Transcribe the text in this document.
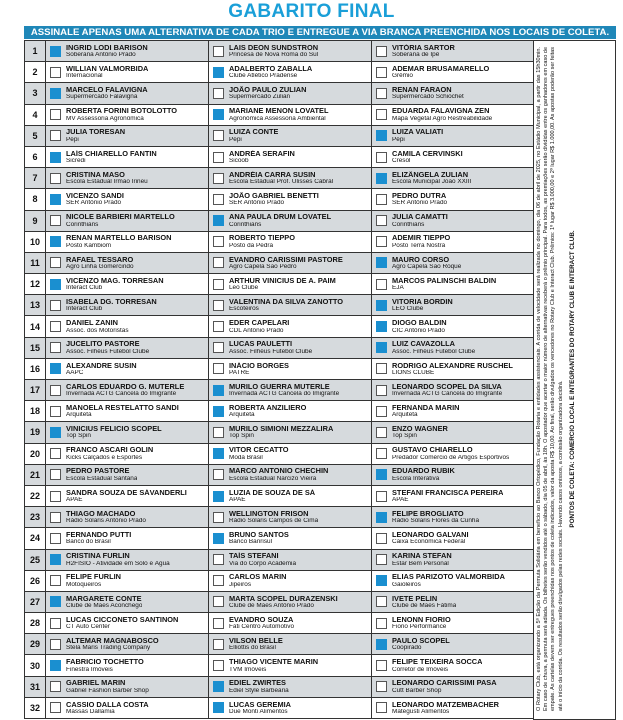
GABARITO FINAL
ASSINALE APENAS UMA ALTERNATIVA DE CADA TRIO E ENTREGUE A VIA BRANCA PREENCHIDA NOS LOCAIS DE COLETA.
1	INGRID LODI BARISON
Soberana Antônio Prado
LAIS DEON SUNDSTRON
Princesa de Nova Roma do Sul
VITÓRIA SARTOR
Soberana de Ipê
2	WILLIAN VALMORBIDA
Internacional
ADALBERTO ZABALLA
Clube Atlético Pradense
ADEMAR BRUSAMARELLO
Grêmio
3	MARCELO FALAVIGNA
Supermercado Falavigna
JOÃO PAULO ZULIAN
Supermercado Zulian
RENAN FARAON
Supermercado Schiochet
4	ROBERTA FORINI BOTOLOTTO
MV Assessoria Agronômica
MARIANE MENON LOVATEL
Agronômica Assessoria Ambiental
EDUARDA FALAVIGNA ZEN
Mapa Vegetal Agro Restreabilidade
5	JULIA TORESAN
Pépi
LUIZA CONTE
Pépi
LUIZA VALIATI
Pépi
6	LAÍS CHIARELLO FANTIN
Sicredi
ANDRÉA SERAFIN
Sicoob
CAMILA CERVINSKI
Cresol
7	CRISTINA MASO
Escola Estadual Irmão Irineu
ANDRÉIA CARRA SUSIN
Escola Estadual Prof. Ulisses Cabral
ELIZÂNGELA ZULIAN
Escola Municipal João XXIII
8	VICENZO SANDI
SER Antônio Prado
JOÃO GABRIEL BENETTI
SER Antônio Prado
PEDRO DUTRA
SER Antônio Prado
9	NICOLE BARBIERI MARTELLO
Corinthians
ANA PAULA DRUM LOVATEL
Corinthians
JULIA CAMATTI
Corinthians
10	RENAN MARTELLO BARISON
Posto Kambiom
ROBERTO TIEPPO
Posto da Pedra
ADEMIR TIEPPO
Posto Terra Nostra
11	RAFAEL TESSARO
Agro Linha Gomercindo
EVANDRO CARISSIMI PASTORE
Agro Capela São Pedro
MAURO CORSO
Agro Capela São Roque
12	VICENZO MAG. TORRESAN
Interact Club
ARTHUR VINICIUS DE A. PAIM
Leo Clube
MARCOS PALINSCHI BALDIN
EJA
13	ISABELA DG. TORRESAN
Interact Club
VALENTINA DA SILVA ZANOTTO
Escoteiros
VITORIA BORDIN
LEO Clube
14	DANIEL ZANIN
Assoc. dos Motoristas
EDER CAPELARI
CDL Antônio Prado
DIOGO BALDIN
CIC Antônio Prado
15	JUCELITO PASTORE
Assoc. Filhéus Futebol Clube
LUCAS PAULETTI
Assoc. Filhéus Futebol Clube
LUIZ CAVAZOLLA
Assoc. Filhéus Futebol Clube
16	ALEXANDRE SUSIN
AAPC
INÁCIO BORGES
PATRE
RODRIGO ALEXANDRE RUSCHEL
LIONS CLUBE
17	CARLOS EDUARDO G. MUTERLE
Invernada ACTG Cancela do Imigrante
MURILO GUERRA MUTERLE
Invernada ACTG Cancela do Imigrante
LEONARDO SCOPEL DA SILVA
Invernada ACTG Cancela do Imigrante
18	MANOELA RESTELATTO SANDI
Arquiteta
ROBERTA ANZILIERO
Arquiteta
FERNANDA MARIN
Arquiteta
19	VINICIUS FELICIO SCOPEL
Top Spin
MURILO SIMIONI MEZZALIRA
Top Spin
ENZO WAGNER
Top Spin
20	FRANCO ASCARI GOLIN
Kicks Calçados e Esportes
VITOR CECATTO
Moda Brasil
GUSTAVO CHIARELLO
Predador Comércio de Artigos Esportivos
21	PEDRO PASTORE
Escola Estadual Santana
MARCO ANTONIO CHECHIN
Escola Estadual Narcizo Vieira
EDUARDO RUBIK
Escola Interativa
22	SANDRA SOUZA DE SÁVANDERLI
APAE
LUZIA DE SOUZA DE SÁ
APAE
STEFANI FRANCISCA PEREIRA
APAE
23	THIAGO MACHADO
Rádio Solaris Antônio Prado
WELLINGTON FRISON
Rádio Solaris Campos de Cima
FELIPE BROGLIATO
Rádio Solaris Flores da Cunha
24	FERNANDO PUTTI
Banco do Brasil
BRUNO SANTOS
Banco Banrisul
LEONARDO GALVANI
Caixa Econômica Federal
25	CRISTINA FURLIN
H2FISIO - Atividade em Solo e Água
TAÍS STEFANI
Via do Corpo Academia
KARINA STEFAN
Estar Bem Personal
26	FELIPE FURLIN
Motoqueiros
CARLOS MARIN
Jipeiros
ELIAS PARIZOTO VALMORBIDA
Gaioleiros
27	MARGARETE CONTE
Clube de Mães Aconchego
MARTA SCOPEL DURAZENSKI
Clube de Mães Antônio Prado
IVETE PELIN
Clube de Mães Fátima
28	LUCAS CICCONETO SANTINON
CT Auto Center
EVANDRO SOUZA
Fati Centro Automotivo
LENONN FIORIO
Fiorio Performance
29	ALTEMAR MAGNABOSCO
Stela Maris Trading Company
VILSON BELLE
Elliottis do Brasil
PAULO SCOPEL
Coopirado
30	FABRICIO TOCHETTO
Finestra Imóveis
THIAGO VICENTE MARIN
TVM Imóveis
FELIPE TEIXEIRA SOCCA
Corretor de Imóveis
31	GABRIEL MARIN
Gabriel Fashion Barber Shop
EDIEL ZWIRTES
Ediel Style Barbearia
LEONARDO CARISSIMI PASA
Cutt Barber Shop
32	CASSIO DALLA COSTA
Massas Dallamia
LUCAS GEREMIA
Due Monti Alimentos
LEONARDO MATZEMBACHER
Mategusti Alimentos
O Rotary Club, está organizando a 5ª Edição da Permuta Solidária em benefício ao Banco Ortopédico, Fundação Rotaria e entidades assistenciais. A corrida de velocidade será realizada no domingo, dia 06 de abril de 2025, no Estádio Municipal, a partir das 15h30min. Em caso de chuva, a permuta será adiada. Os bilhetes serão vendidos até o sábado, dia 05 de abril, às 18h. O apostador que acertar o maior número de alternativas receberá o prêmio principal. Para todos, as premiações serão divididas entre os ganhadores em caso de empate. As cartelas devem ser entregues preenchidas nos pontos de coleta indicados, valor da aposta R$ 10,00. Ao final, serão divulgados os vencedores no Rotary Club e Interact Club. Prêmios: 1º lugar R$ 3.000,00 e 2º lugar R$ 1.000,00. As apostas poderão ser feitas até o início da corrida. Os resultados serão divulgados pelas redes sociais. Havendo casos omissos, a comissão organizadora decidirá.
PONTOS DE COLETA: COMERCIO LOCAL E INTEGRANTES DO ROTARY CLUB E INTERACT CLUB.
